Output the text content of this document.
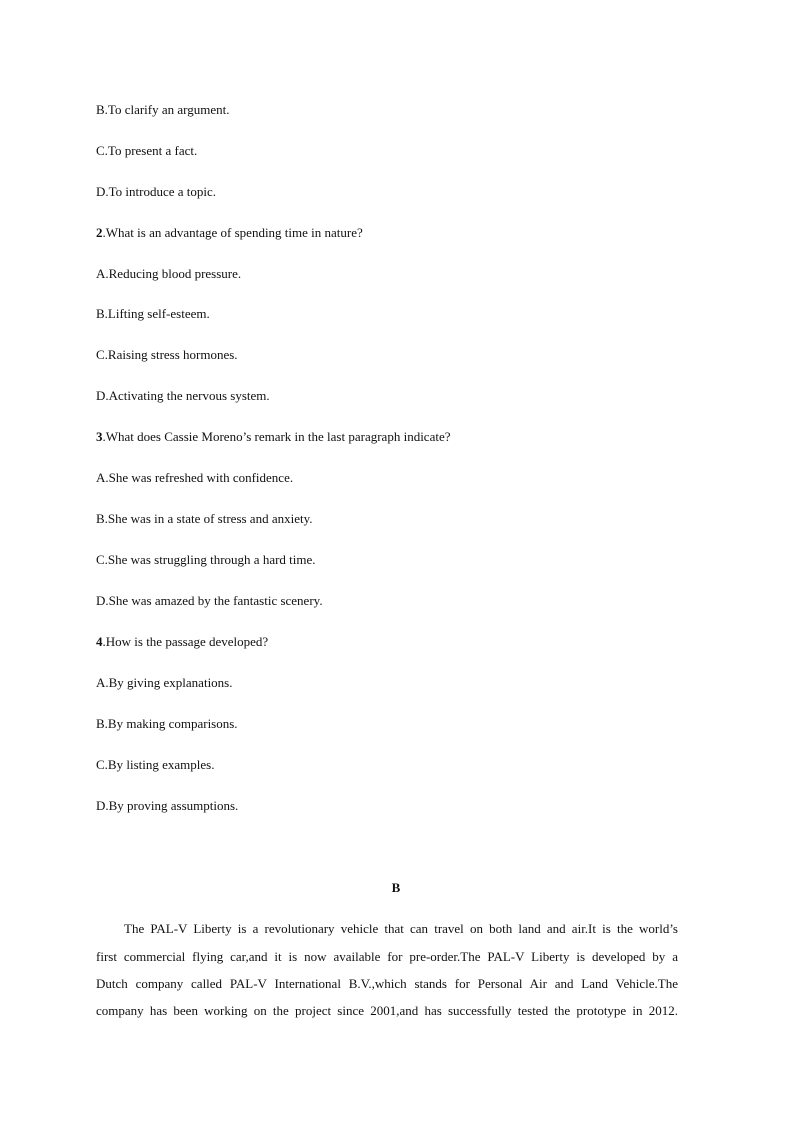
B.To clarify an argument.
C.To present a fact.
D.To introduce a topic.
2.What is an advantage of spending time in nature?
A.Reducing blood pressure.
B.Lifting self-esteem.
C.Raising stress hormones.
D.Activating the nervous system.
3.What does Cassie Moreno’s remark in the last paragraph indicate?
A.She was refreshed with confidence.
B.She was in a state of stress and anxiety.
C.She was struggling through a hard time.
D.She was amazed by the fantastic scenery.
4.How is the passage developed?
A.By giving explanations.
B.By making comparisons.
C.By listing examples.
D.By proving assumptions.
B
The PAL-V Liberty is a revolutionary vehicle that can travel on both land and air.It is the world’s
first commercial flying car,and it is now available for pre-order.The PAL-V Liberty is developed by a
Dutch company called PAL-V International B.V.,which stands for Personal Air and Land Vehicle.The
company has been working on the project since 2001,and has successfully tested the prototype in 2012.
